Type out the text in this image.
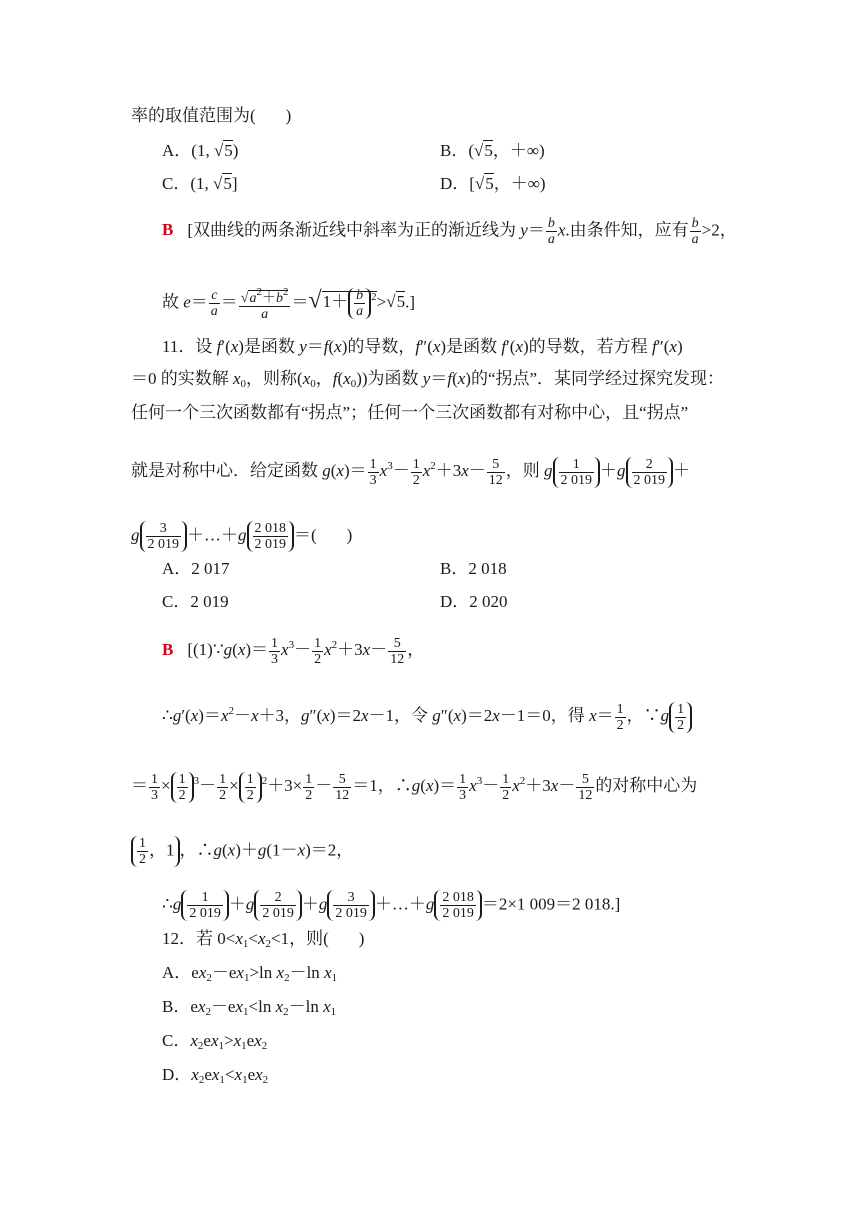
率的取值范围为( )
A．(1, √ 5)	B．(√ 5，＋∞)
C．(1, √ 5]	D．[√ 5，＋∞)
B [双曲线的两条渐近线中斜率为正的渐近线为 $y= \frac{b}{a} x$.由条件知，应有 $\frac{b}{a} >2$，
故 $e= \frac{c}{a}$ ＝
√ $\frac{a^2+b^2}{a} =√1+ \frac{b}{a} ^2>√$ 5.]
11．设 f′(x)是函数 y＝f(x)的导数，f″(x)是函数 f′(x)的导数，若方程 f″(x)
＝0 的实数解 $x_0$，则称($x_0$，$f(x_0)$)为函数 y＝f(x)的“拐点”．某同学经过探究发现：
任何一个三次函数都有“拐点”；任何一个三次函数都有对称中心，且“拐点”
就是对称中心．给定函数 $g(x)= \frac{1}{3} x^3- \frac{1}{2} x^2+3x- \frac{5}{12}$ ，则 g $\frac{1}{2 019} +g \frac{2}{2 019}$ ＋
g $\frac{3}{2 019}$ ＋…＋g $\frac{2 018}{2 019}$ ＝( )
A．2 017	B．2 018
C．2 019	D．2 020
B [(1)∵g(x)＝ $\frac{1}{3} x^3- \frac{1}{2} x^2+3x- \frac{5}{12}$ ，
$\therefore g'(x)=x^2-x+3$，g″(x)＝2x－1，令 g″(x)＝2x－1＝0，得 $x= \frac{1}{2}$ ，∵g $\frac{1}{2}$
＝ $\frac{1}{3} \times \frac{1}{2} ^3- \frac{1}{2} \times \frac{1}{2} ^2+3\times \frac{1}{2} - \frac{5}{12} =1$，∴g(x)＝ $\frac{1}{3} x^3- \frac{1}{2} x^2+3x- \frac{5}{12}$ 的对称中心为
$\frac{1}{2}$ ，1 ，∴g(x)＋g(1－x)＝2，
∴g $\frac{1}{2 019} +g \frac{2}{2 019} +g \frac{3}{2 019}$ ＋…＋g $\frac{2 018}{2 019} =2\times 1$ 009＝2 018.]
12．若 $0<x_1<x_2<1$，则( )
A．$ex_2-ex_1>\ln$ $x_2-\ln$ $x_1$
B．$ex_2-ex_1<\ln$ $x_2-\ln$ $x_1$
C．$x_2ex_1>x_1ex_2$
D．$x_2ex_1<x_1ex_2$
